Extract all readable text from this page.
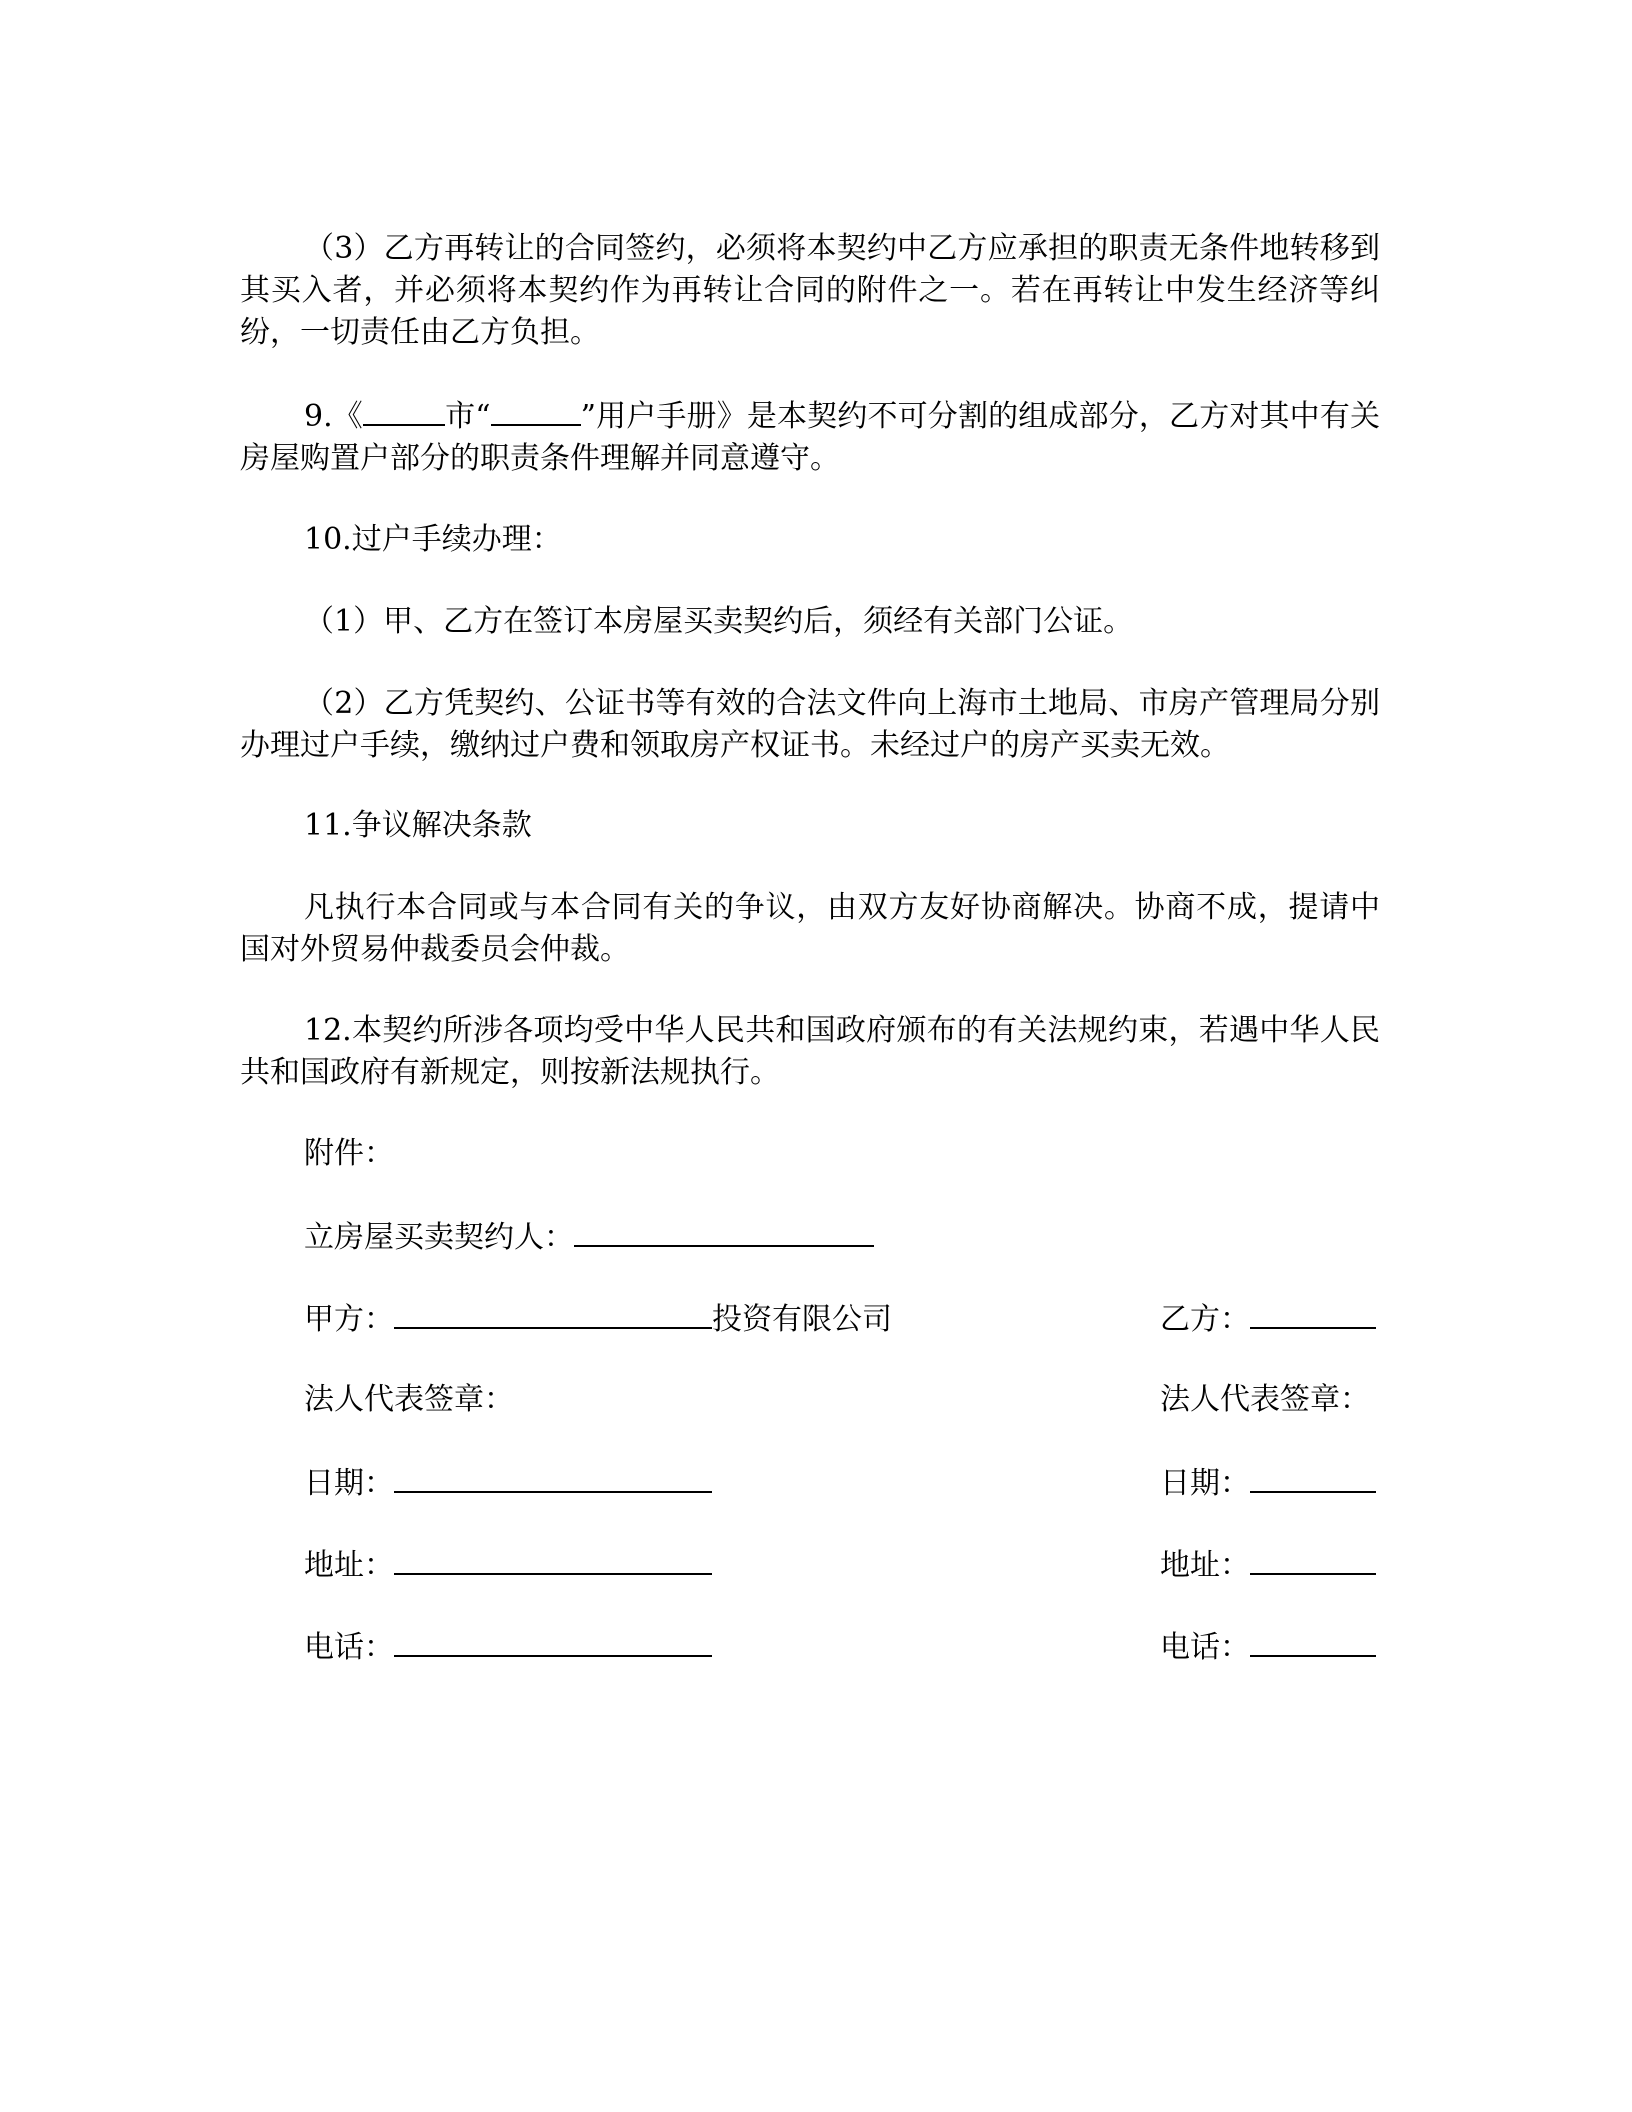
（3）乙方再转让的合同签约，必须将本契约中乙方应承担的职责无条件地转移到其买入者，并必须将本契约作为再转让合同的附件之一。若在再转让中发生经济等纠纷，一切责任由乙方负担。

9.《	市“	”用户手册》是本契约不可分割的组成部分，乙方对其中有关房屋购置户部分的职责条件理解并同意遵守。

10.过户手续办理：

（1）甲、乙方在签订本房屋买卖契约后，须经有关部门公证。

（2）乙方凭契约、公证书等有效的合法文件向上海市土地局、市房产管理局分别办理过户手续，缴纳过户费和领取房产权证书。未经过户的房产买卖无效。

11.争议解决条款

凡执行本合同或与本合同有关的争议，由双方友好协商解决。协商不成，提请中国对外贸易仲裁委员会仲裁。

12.本契约所涉各项均受中华人民共和国政府颁布的有关法规约束，若遇中华人民共和国政府有新规定，则按新法规执行。

附件：
立房屋买卖契约人：
甲方：	投资有限公司	乙方：
法人代表签章：	法人代表签章：
日期：	日期：
地址：	地址：
电话：	电话：
